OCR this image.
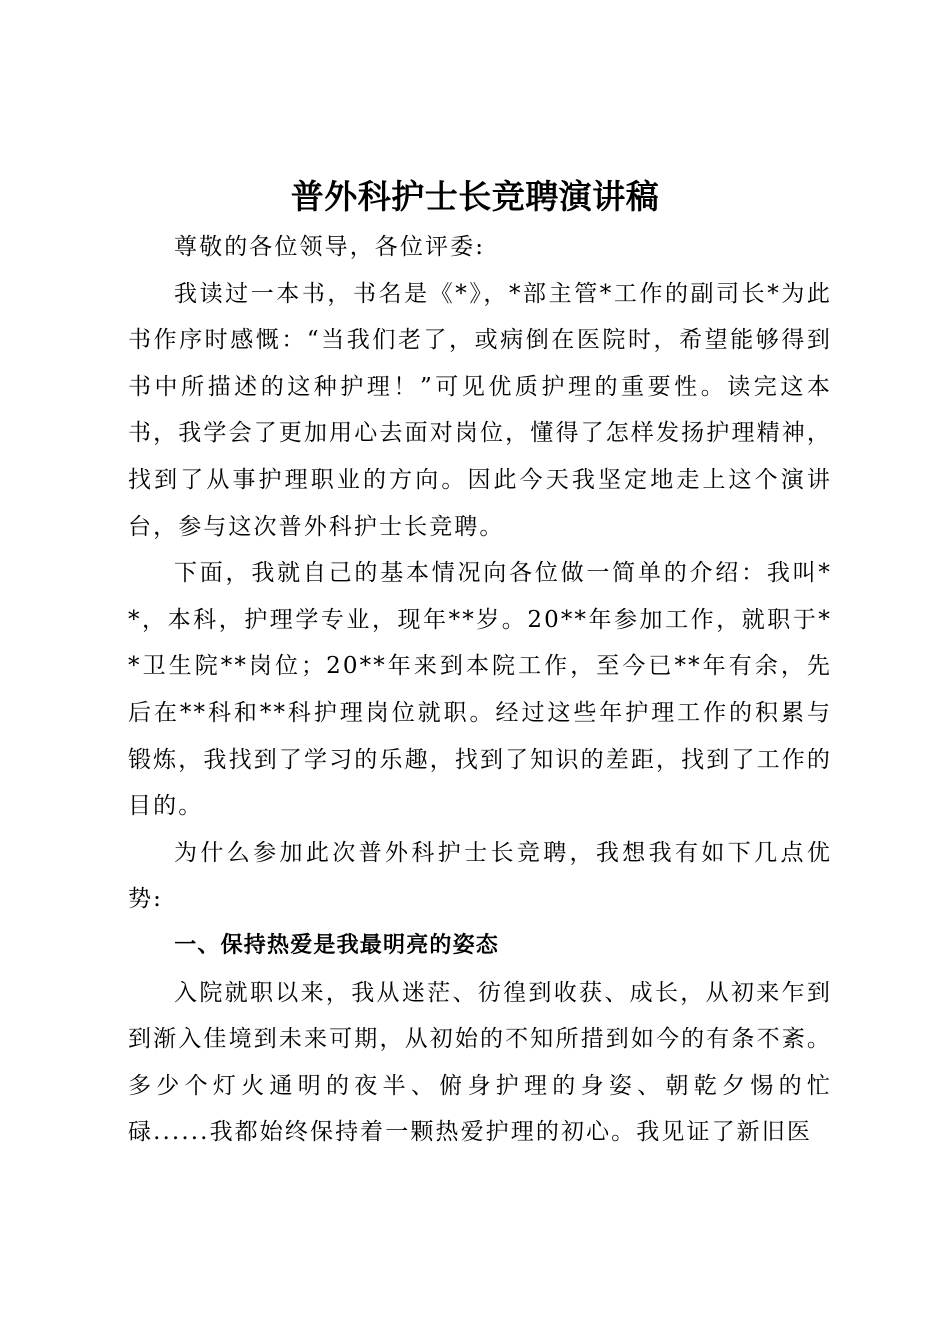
普外科护士长竞聘演讲稿

尊敬的各位领导，各位评委:

我读过一本书，书名是《*》，*部主管*工作的副司长*为此书作序时感慨：“当我们老了，或病倒在医院时，希望能够得到书中所描述的这种护理！”可见优质护理的重要性。读完这本书，我学会了更加用心去面对岗位，懂得了怎样发扬护理精神，找到了从事护理职业的方向。因此今天我坚定地走上这个演讲台，参与这次普外科护士长竞聘。

下面，我就自己的基本情况向各位做一简单的介绍：我叫**，本科，护理学专业，现年**岁。20**年参加工作，就职于**卫生院**岗位；20**年来到本院工作，至今已**年有余，先后在**科和**科护理岗位就职。经过这些年护理工作的积累与锻炼，我找到了学习的乐趣，找到了知识的差距，找到了工作的目的。

为什么参加此次普外科护士长竞聘，我想我有如下几点优势:

一、保持热爱是我最明亮的姿态

入院就职以来，我从迷茫、彷徨到收获、成长，从初来乍到到渐入佳境到未来可期，从初始的不知所措到如今的有条不紊。多少个灯火通明的夜半、俯身护理的身姿、朝乾夕惕的忙碌......我都始终保持着一颗热爱护理的初心。我见证了新旧医
